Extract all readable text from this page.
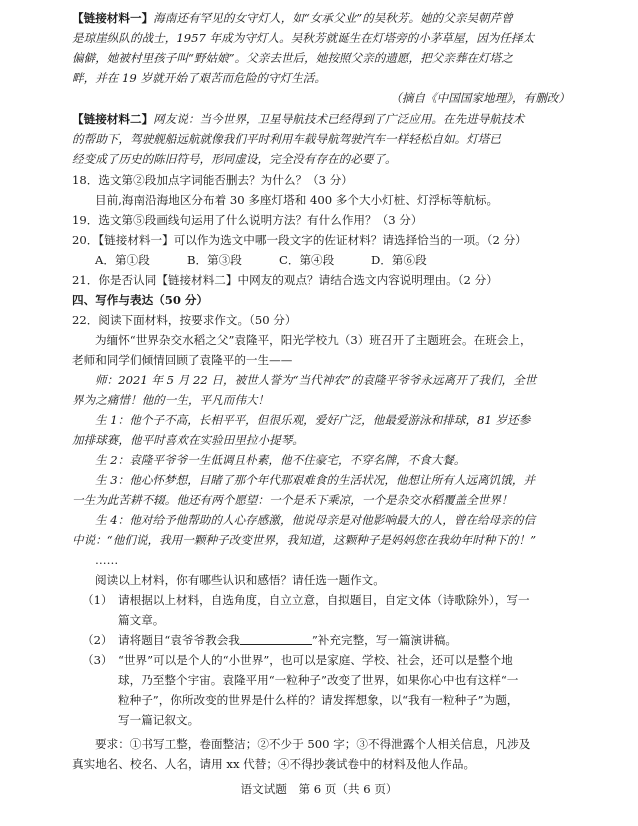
【链接材料一】海南还有罕见的女守灯人，如“女承父业”的吴秋芳。她的父亲吴朝芹曾

是琼崖纵队的战士，1957 年成为守灯人。吴秋芳就诞生在灯塔旁的小茅草屋，因为任择太

偏僻，她被村里孩子叫“野姑娘”。父亲去世后，她按照父亲的遗愿，把父亲葬在灯塔之

畔，并在 19 岁就开始了艰苦而危险的守灯生活。

（摘自《中国国家地理》，有删改）

【链接材料二】网友说：当今世界，卫星导航技术已经得到了广泛应用。在先进导航技术

的帮助下，驾驶舰船远航就像我们平时利用车载导航驾驶汽车一样轻松自如。灯塔已

经变成了历史的陈旧符号，形同虚设，完全没有存在的必要了。

18．选文第②段加点字词能否删去？为什么？（3 分）

目前,海南沿海地区分布着 30 多座灯塔和 400 多个大小灯桩、灯浮标等航标。

19．选文第⑤段画线句运用了什么说明方法？有什么作用？（3 分）

20．【链接材料一】可以作为选文中哪一段文字的佐证材料？请选择恰当的一项。（2 分）

A．第①段	B．第③段	C．第④段	D．第⑥段

21．你是否认同【链接材料二】中网友的观点？请结合选文内容说明理由。（2 分）

四、写作与表达（50 分）

22．阅读下面材料，按要求作文。（50 分）

为缅怀“世界杂交水稻之父”袁隆平，阳光学校九（3）班召开了主题班会。在班会上，

老师和同学们倾情回顾了袁隆平的一生——

师：2021 年 5 月 22 日，被世人誉为“当代神农”的袁隆平爷爷永远离开了我们，全世

界为之痛惜！他的一生，平凡而伟大！

生 1：他个子不高，长相平平，但很乐观，爱好广泛，他最爱游泳和排球，81 岁还参

加排球赛，他平时喜欢在实验田里拉小提琴。

生 2：袁隆平爷爷一生低调且朴素，他不住豪宅，不穿名牌，不食大餐。

生 3：他心怀梦想，目睹了那个年代那艰难食的生活状况，他想让所有人远离饥饿，并

一生为此苦耕不辍。他还有两个愿望：一个是禾下乘凉，一个是杂交水稻覆盖全世界！

生 4：他对给予他帮助的人心存感激，他说母亲是对他影响最大的人，曾在给母亲的信

中说：“他们说，我用一颗种子改变世界，我知道，这颗种子是妈妈您在我幼年时种下的！”

……

阅读以上材料，你有哪些认识和感悟？请任选一题作文。

（1） 请根据以上材料，自选角度，自立立意，自拟题目，自定文体（诗歌除外），写一
篇文章。
（2） 请将题目“袁爷爷教会我	”补充完整，写一篇演讲稿。
（3） “世界”可以是个人的“小世界”，也可以是家庭、学校、社会，还可以是整个地
球，乃至整个宇宙。袁隆平用“一粒种子”改变了世界，如果你心中也有这样“一
粒种子”，你所改变的世界是什么样的？请发挥想象，以“我有一粒种子”为题，
写一篇记叙文。

要求：①书写工整，卷面整洁；②不少于 500 字；③不得泄露个人相关信息，凡涉及

真实地名、校名、人名，请用 xx 代替；④不得抄袭试卷中的材料及他人作品。

语文试题　第 6 页（共 6 页）
